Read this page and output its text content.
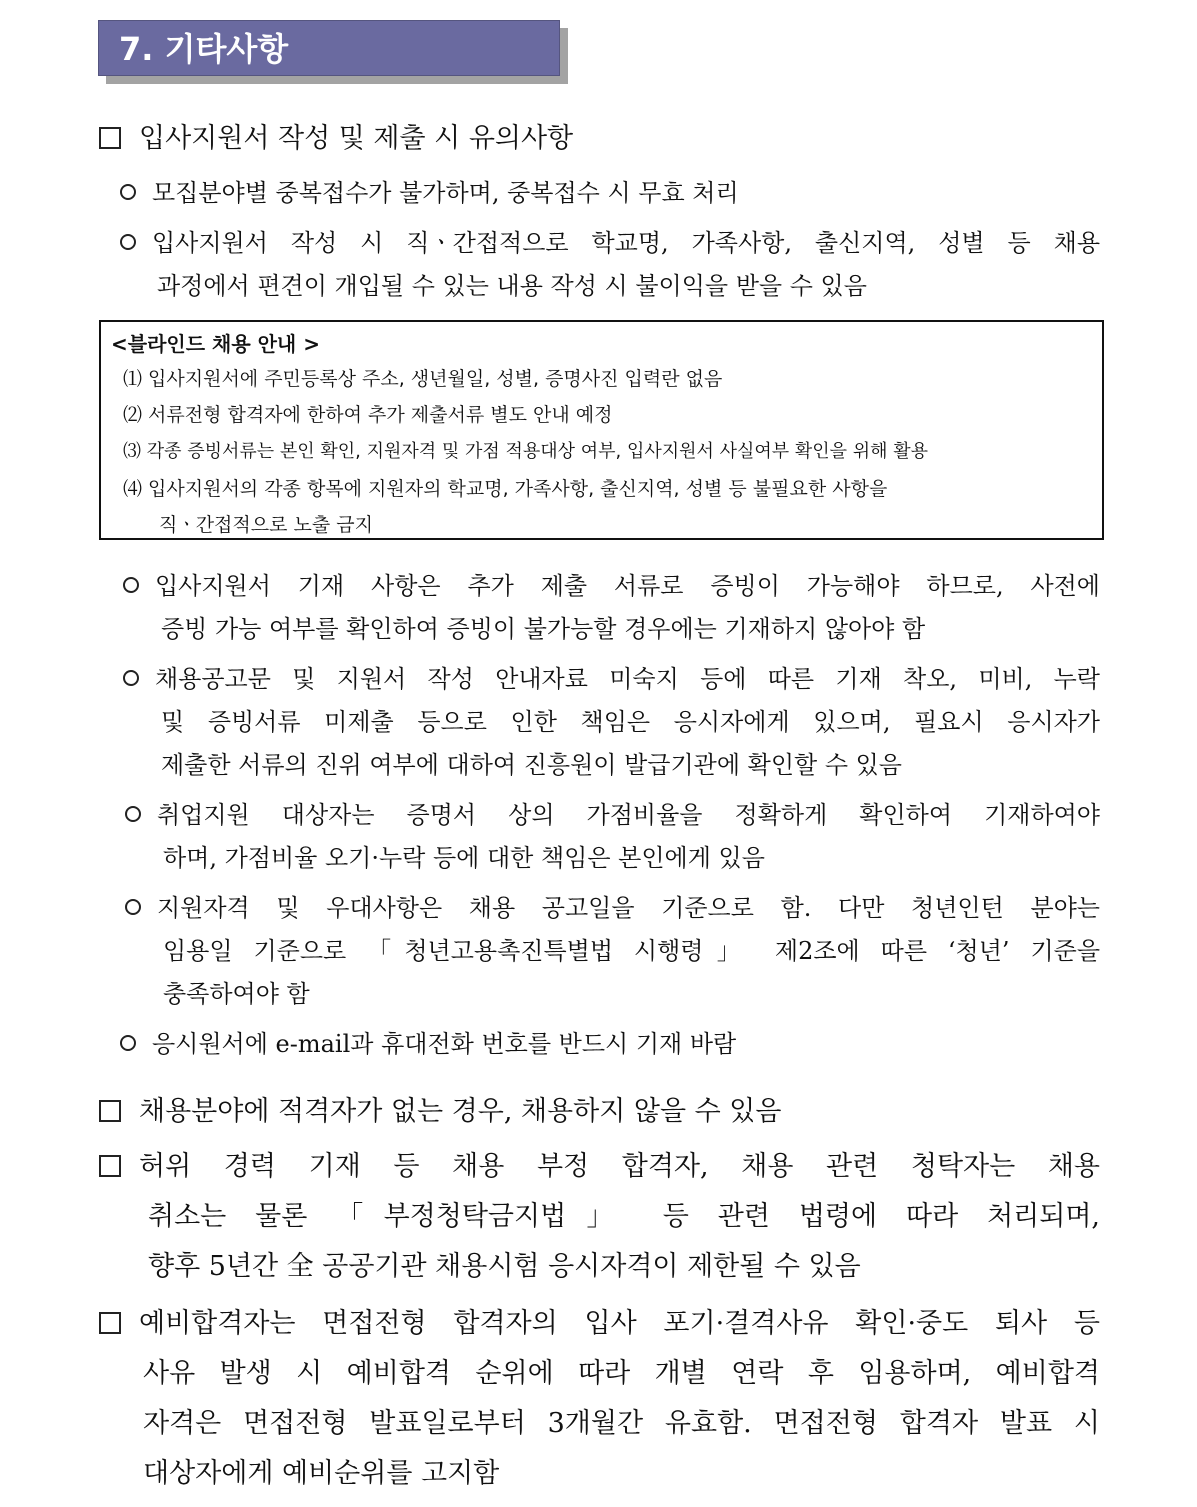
7. 기타사항
입사지원서 작성 및 제출 시 유의사항
모집분야별 중복접수가 불가하며, 중복접수 시 무효 처리
입사지원서 작성 시 직ㆍ간접적으로 학교명, 가족사항, 출신지역, 성별 등 채용
과정에서 편견이 개입될 수 있는 내용 작성 시 불이익을 받을 수 있음
<블라인드 채용 안내 >
⑴ 입사지원서에 주민등록상 주소, 생년월일, 성별, 증명사진 입력란 없음
⑵ 서류전형 합격자에 한하여 추가 제출서류 별도 안내 예정
⑶ 각종 증빙서류는 본인 확인, 지원자격 및 가점 적용대상 여부, 입사지원서 사실여부 확인을 위해 활용
⑷ 입사지원서의 각종 항목에 지원자의 학교명, 가족사항, 출신지역, 성별 등 불필요한 사항을
직ㆍ간접적으로 노출 금지
입사지원서 기재 사항은 추가 제출 서류로 증빙이 가능해야 하므로, 사전에
증빙 가능 여부를 확인하여 증빙이 불가능할 경우에는 기재하지 않아야 함
채용공고문 및 지원서 작성 안내자료 미숙지 등에 따른 기재 착오, 미비, 누락
및 증빙서류 미제출 등으로 인한 책임은 응시자에게 있으며, 필요시 응시자가
제출한 서류의 진위 여부에 대하여 진흥원이 발급기관에 확인할 수 있음
취업지원 대상자는 증명서 상의 가점비율을 정확하게 확인하여 기재하여야
하며, 가점비율 오기·누락 등에 대한 책임은 본인에게 있음
지원자격 및 우대사항은 채용 공고일을 기준으로 함. 다만 청년인턴 분야는
임용일 기준으로 「청년고용촉진특별법 시행령」 제2조에 따른 ‘청년’ 기준을
충족하여야 함
응시원서에 e-mail과 휴대전화 번호를 반드시 기재 바람
채용분야에 적격자가 없는 경우, 채용하지 않을 수 있음
허위 경력 기재 등 채용 부정 합격자, 채용 관련 청탁자는 채용
취소는 물론 「부정청탁금지법」 등 관련 법령에 따라 처리되며,
향후 5년간 全 공공기관 채용시험 응시자격이 제한될 수 있음
예비합격자는 면접전형 합격자의 입사 포기·결격사유 확인·중도 퇴사 등
사유 발생 시 예비합격 순위에 따라 개별 연락 후 임용하며, 예비합격
자격은 면접전형 발표일로부터 3개월간 유효함. 면접전형 합격자 발표 시
대상자에게 예비순위를 고지함
